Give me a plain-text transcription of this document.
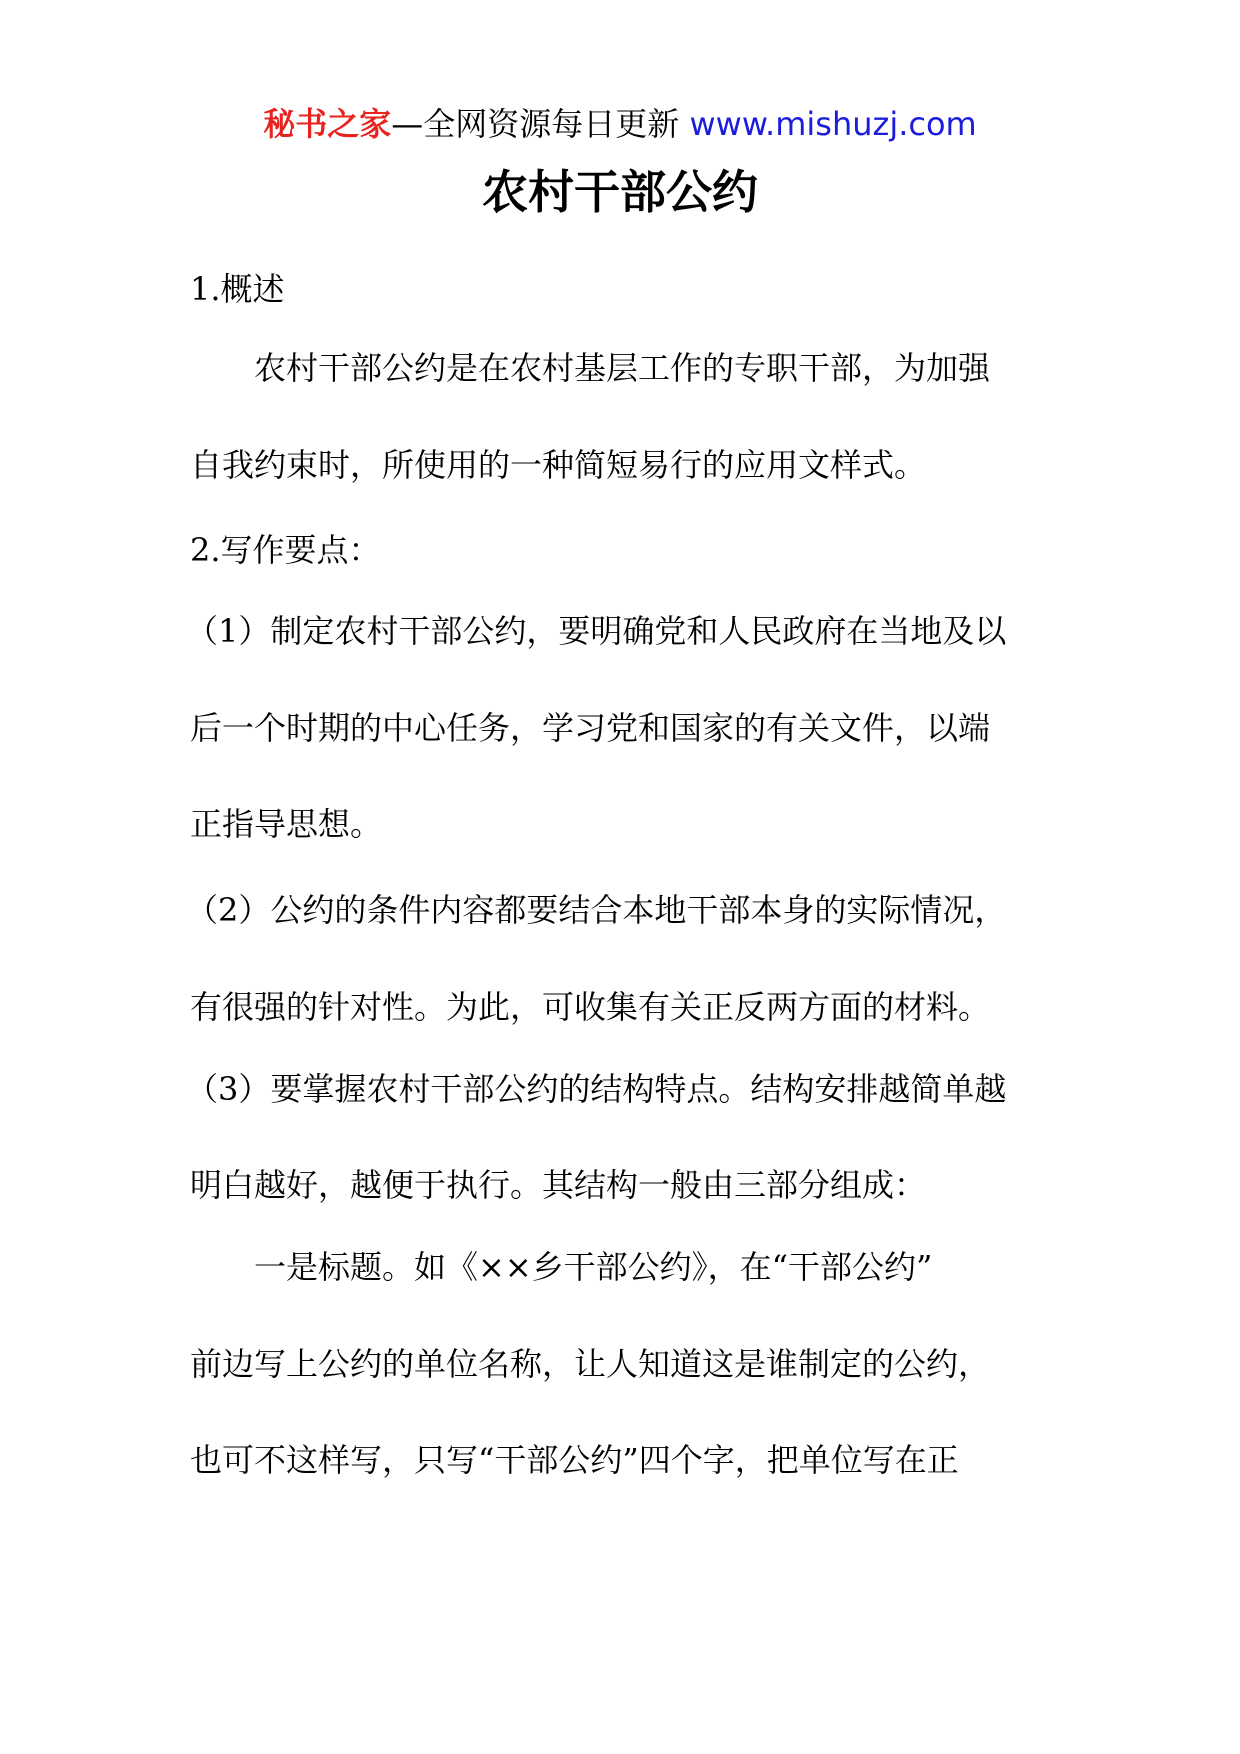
秘书之家—全网资源每日更新 www.mishuzj.com
农村干部公约
1.概述
农村干部公约是在农村基层工作的专职干部，为加强
自我约束时，所使用的一种简短易行的应用文样式。
2.写作要点：
（1）制定农村干部公约，要明确党和人民政府在当地及以
后一个时期的中心任务，学习党和国家的有关文件，以端
正指导思想。
（2）公约的条件内容都要结合本地干部本身的实际情况，
有很强的针对性。为此，可收集有关正反两方面的材料。
（3）要掌握农村干部公约的结构特点。结构安排越简单越
明白越好，越便于执行。其结构一般由三部分组成：
一是标题。如《××乡干部公约》，在“干部公约”
前边写上公约的单位名称，让人知道这是谁制定的公约，
也可不这样写，只写“干部公约”四个字，把单位写在正
